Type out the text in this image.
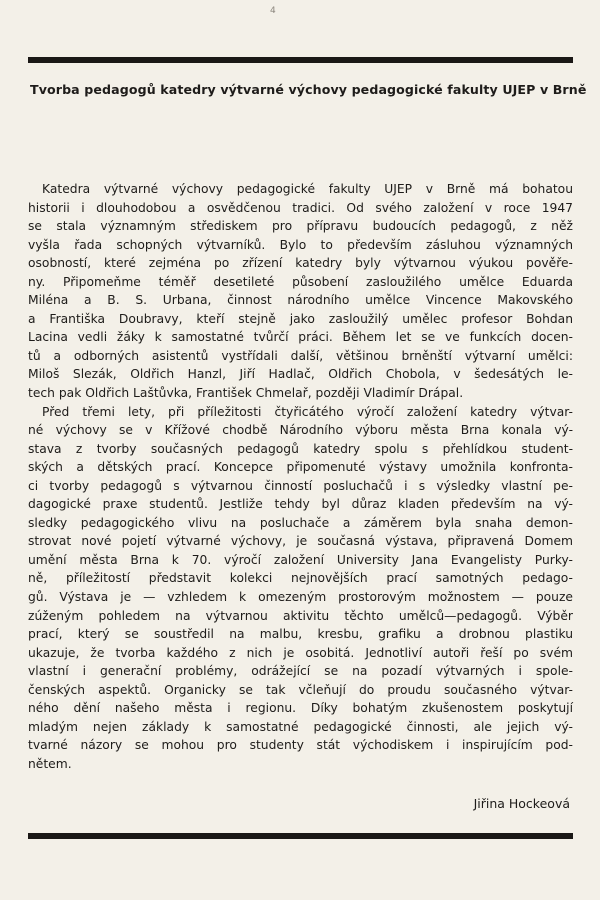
4
Tvorba pedagogů katedry výtvarné výchovy pedagogické fakulty UJEP v Brně
Katedra výtvarné výchovy pedagogické fakulty UJEP v Brně má bohatou
historii i dlouhodobou a osvědčenou tradici. Od svého založení v roce 1947
se stala významným střediskem pro přípravu budoucích pedagogů, z něž
vyšla řada schopných výtvarníků. Bylo to především zásluhou významných
osobností, které zejména po zřízení katedry byly výtvarnou výukou pověře-
ny. Připomeňme téměř desetileté působení zasloužilého umělce Eduarda
Miléna a B. S. Urbana, činnost národního umělce Vincence Makovského
a Františka Doubravy, kteří stejně jako zasloužilý umělec profesor Bohdan
Lacina vedli žáky k samostatné tvůrčí práci. Během let se ve funkcích docen-
tů a odborných asistentů vystřídali další, většinou brněnští výtvarní umělci:
Miloš Slezák, Oldřich Hanzl, Jiří Hadlač, Oldřich Chobola, v šedesátých le-
tech pak Oldřich Laštůvka, František Chmelař, později Vladimír Drápal.
Před třemi lety, při příležitosti čtyřicátého výročí založení katedry výtvar-
né výchovy se v Křížové chodbě Národního výboru města Brna konala vý-
stava z tvorby současných pedagogů katedry spolu s přehlídkou student-
ských a dětských prací. Koncepce připomenuté výstavy umožnila konfronta-
ci tvorby pedagogů s výtvarnou činností posluchačů i s výsledky vlastní pe-
dagogické praxe studentů. Jestliže tehdy byl důraz kladen především na vý-
sledky pedagogického vlivu na posluchače a záměrem byla snaha demon-
strovat nové pojetí výtvarné výchovy, je současná výstava, připravená Domem
umění města Brna k 70. výročí založení University Jana Evangelisty Purky-
ně, příležitostí představit kolekci nejnovějších prací samotných pedago-
gů. Výstava je — vzhledem k omezeným prostorovým možnostem — pouze
zúženým pohledem na výtvarnou aktivitu těchto umělců—pedagogů. Výběr
prací, který se soustředil na malbu, kresbu, grafiku a drobnou plastiku
ukazuje, že tvorba každého z nich je osobitá. Jednotliví autoři řeší po svém
vlastní i generační problémy, odrážející se na pozadí výtvarných i spole-
čenských aspektů. Organicky se tak včleňují do proudu současného výtvar-
ného dění našeho města i regionu. Díky bohatým zkušenostem poskytují
mladým nejen základy k samostatné pedagogické činnosti, ale jejich vý-
tvarné názory se mohou pro studenty stát východiskem i inspirujícím pod-
nětem.

Jiřina Hockeová
